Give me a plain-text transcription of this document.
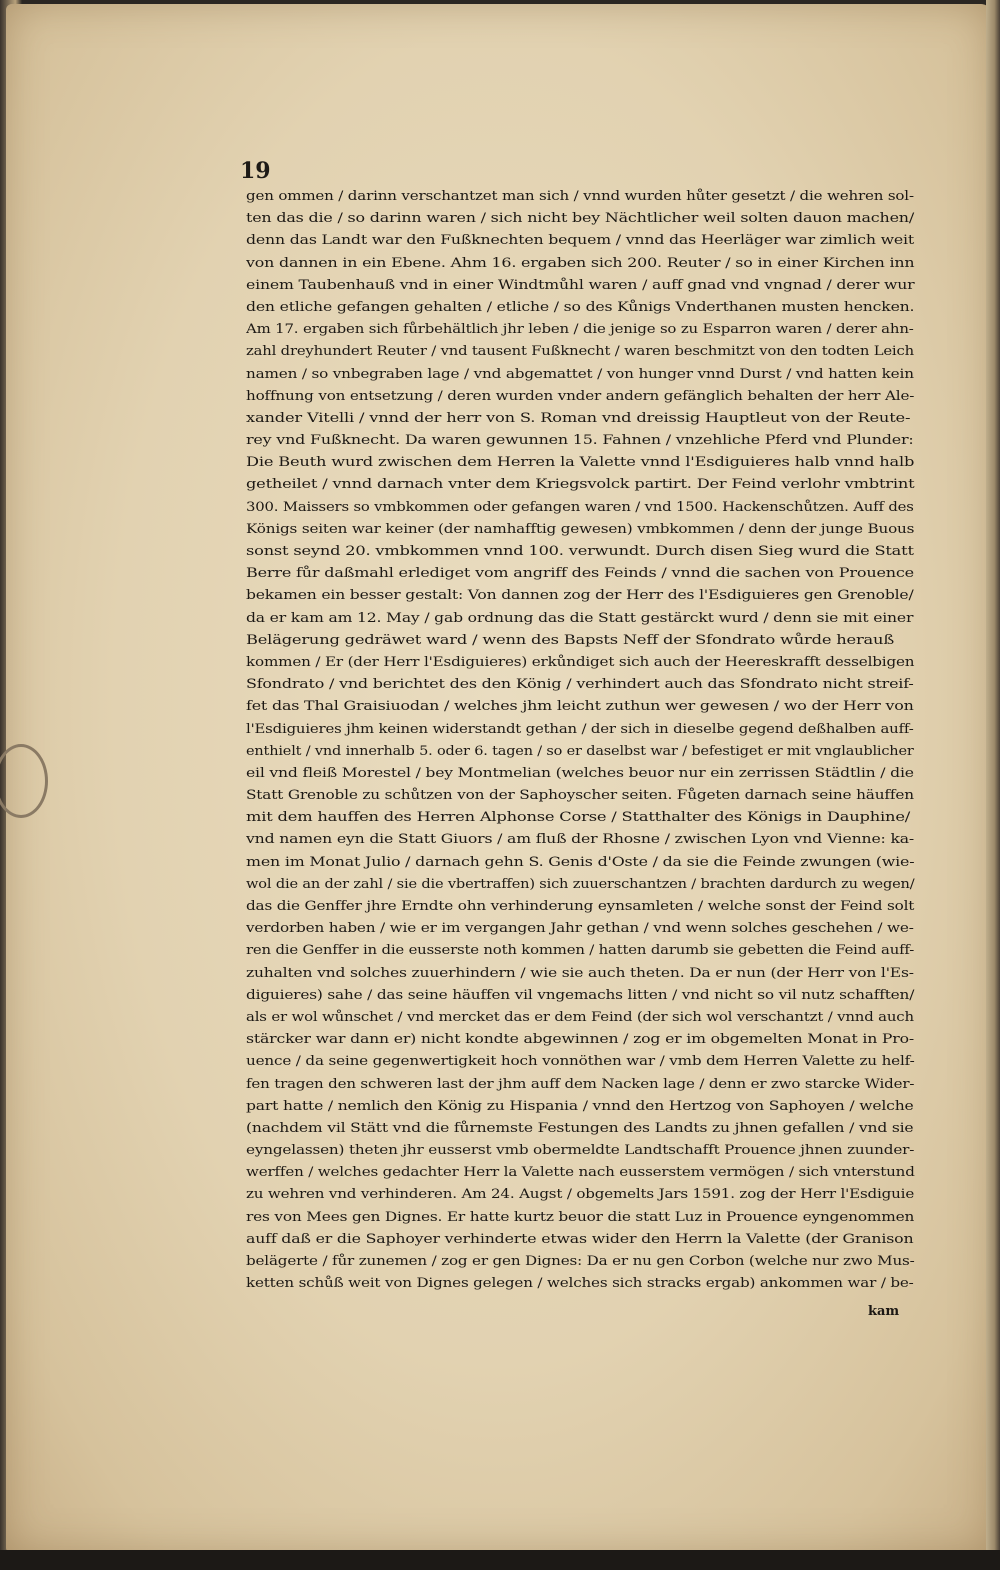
19
gen ommen / darinn verschantzet man sich / vnnd wurden hůter gesetzt / die wehren sol-
ten das die / so darinn waren / sich nicht bey Nächtlicher weil solten dauon machen/
denn das Landt war den Fußknechten bequem / vnnd das Heerläger war zimlich weit
von dannen in ein Ebene. Ahm 16. ergaben sich 200. Reuter / so in einer Kirchen inn
einem Taubenhauß vnd in einer Windtmůhl waren / auff gnad vnd vngnad / derer wur
den etliche gefangen gehalten / etliche / so des Kůnigs Vnderthanen musten hencken.
Am 17. ergaben sich fůrbehältlich jhr leben / die jenige so zu Esparron waren / derer ahn-
zahl dreyhundert Reuter / vnd tausent Fußknecht / waren beschmitzt von den todten Leich
namen / so vnbegraben lage / vnd abgemattet / von hunger vnnd Durst / vnd hatten kein
hoffnung von entsetzung / deren wurden vnder andern gefänglich behalten der herr Ale-
xander Vitelli / vnnd der herr von S. Roman vnd dreissig Hauptleut von der Reute-
rey vnd Fußknecht. Da waren gewunnen 15. Fahnen / vnzehliche Pferd vnd Plunder:
Die Beuth wurd zwischen dem Herren la Valette vnnd l'Esdiguieres halb vnnd halb
getheilet / vnnd darnach vnter dem Kriegsvolck partirt. Der Feind verlohr vmbtrint
300. Maissers so vmbkommen oder gefangen waren / vnd 1500. Hackenschůtzen. Auff des
Königs seiten war keiner (der namhafftig gewesen) vmbkommen / denn der junge Buous
sonst seynd 20. vmbkommen vnnd 100. verwundt. Durch disen Sieg wurd die Statt
Berre fůr daßmahl erlediget vom angriff des Feinds / vnnd die sachen von Prouence
bekamen ein besser gestalt: Von dannen zog der Herr des l'Esdiguieres gen Grenoble/
da er kam am 12. May / gab ordnung das die Statt gestärckt wurd / denn sie mit einer
Belägerung gedräwet ward / wenn des Bapsts Neff der Sfondrato wůrde herauß
kommen / Er (der Herr l'Esdiguieres) erkůndiget sich auch der Heereskrafft desselbigen
Sfondrato / vnd berichtet des den König / verhindert auch das Sfondrato nicht streif-
fet das Thal Graisiuodan / welches jhm leicht zuthun wer gewesen / wo der Herr von
l'Esdiguieres jhm keinen widerstandt gethan / der sich in dieselbe gegend deßhalben auff-
enthielt / vnd innerhalb 5. oder 6. tagen / so er daselbst war / befestiget er mit vnglaublicher
eil vnd fleiß Morestel / bey Montmelian (welches beuor nur ein zerrissen Städtlin / die
Statt Grenoble zu schůtzen von der Saphoyscher seiten. Fůgeten darnach seine häuffen
mit dem hauffen des Herren Alphonse Corse / Statthalter des Königs in Dauphine/
vnd namen eyn die Statt Giuors / am fluß der Rhosne / zwischen Lyon vnd Vienne: ka-
men im Monat Julio / darnach gehn S. Genis d'Oste / da sie die Feinde zwungen (wie-
wol die an der zahl / sie die vbertraffen) sich zuuerschantzen / brachten dardurch zu wegen/
das die Genffer jhre Erndte ohn verhinderung eynsamleten / welche sonst der Feind solt
verdorben haben / wie er im vergangen Jahr gethan / vnd wenn solches geschehen / we-
ren die Genffer in die eusserste noth kommen / hatten darumb sie gebetten die Feind auff-
zuhalten vnd solches zuuerhindern / wie sie auch theten. Da er nun (der Herr von l'Es-
diguieres) sahe / das seine häuffen vil vngemachs litten / vnd nicht so vil nutz schafften/
als er wol wůnschet / vnd mercket das er dem Feind (der sich wol verschantzt / vnnd auch
stärcker war dann er) nicht kondte abgewinnen / zog er im obgemelten Monat in Pro-
uence / da seine gegenwertigkeit hoch vonnöthen war / vmb dem Herren Valette zu helf-
fen tragen den schweren last der jhm auff dem Nacken lage / denn er zwo starcke Wider-
part hatte / nemlich den König zu Hispania / vnnd den Hertzog von Saphoyen / welche
(nachdem vil Stätt vnd die fůrnemste Festungen des Landts zu jhnen gefallen / vnd sie
eyngelassen) theten jhr eusserst vmb obermeldte Landtschafft Prouence jhnen zuunder-
werffen / welches gedachter Herr la Valette nach eusserstem vermögen / sich vnterstund
zu wehren vnd verhinderen. Am 24. Augst / obgemelts Jars 1591. zog der Herr l'Esdiguie
res von Mees gen Dignes. Er hatte kurtz beuor die statt Luz in Prouence eyngenommen
auff daß er die Saphoyer verhinderte etwas wider den Herrn la Valette (der Granison
belägerte / fůr zunemen / zog er gen Dignes: Da er nu gen Corbon (welche nur zwo Mus-
ketten schůß weit von Dignes gelegen / welches sich stracks ergab) ankommen war / be-
kam
